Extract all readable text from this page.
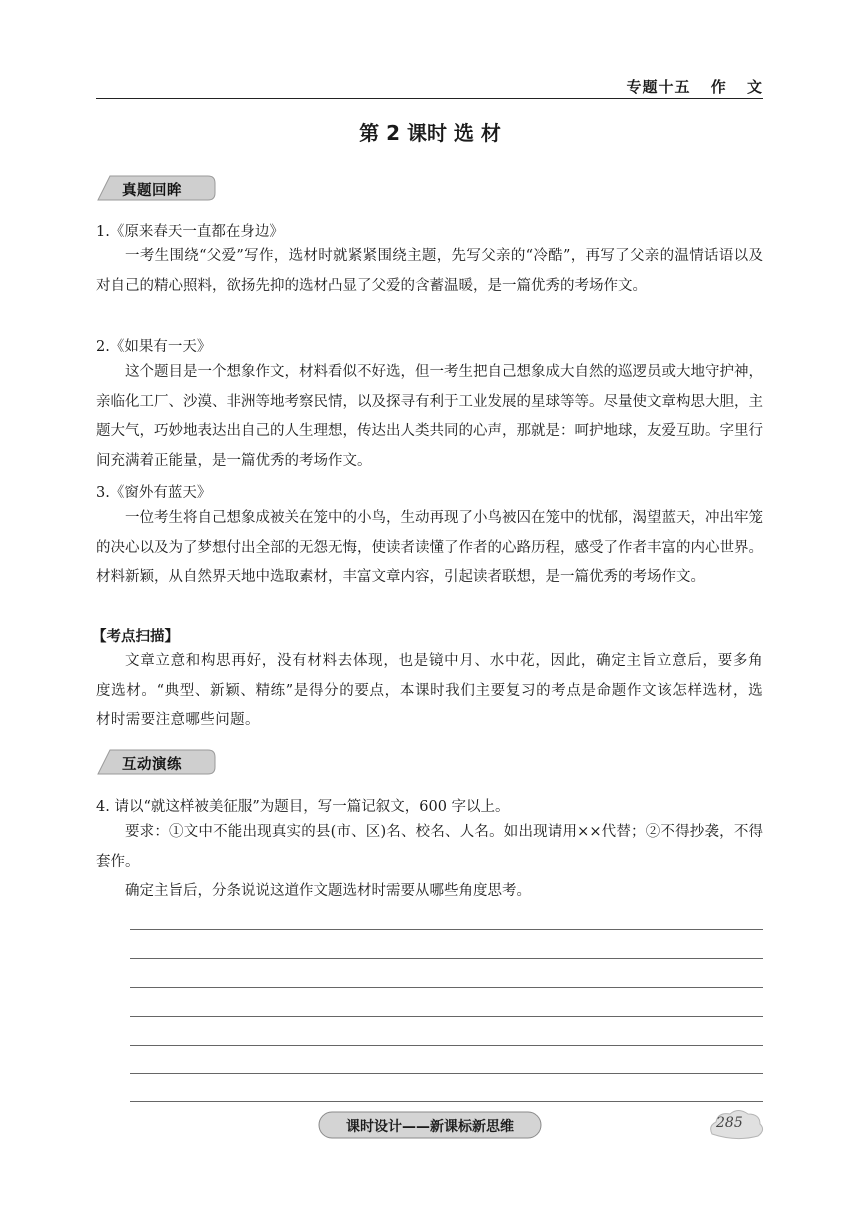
专题十五 作 文
第 2 课时 选 材
真题回眸
1.《原来春天一直都在身边》
一考生围绕“父爱”写作，选材时就紧紧围绕主题，先写父亲的“冷酷”，再写了父亲的温情话语以及对自己的精心照料，欲扬先抑的选材凸显了父爱的含蓄温暖，是一篇优秀的考场作文。
2.《如果有一天》
这个题目是一个想象作文，材料看似不好选，但一考生把自己想象成大自然的巡逻员或大地守护神，亲临化工厂、沙漠、非洲等地考察民情，以及探寻有利于工业发展的星球等等。尽量使文章构思大胆，主题大气，巧妙地表达出自己的人生理想，传达出人类共同的心声，那就是：呵护地球，友爱互助。字里行间充满着正能量，是一篇优秀的考场作文。
3.《窗外有蓝天》
一位考生将自己想象成被关在笼中的小鸟，生动再现了小鸟被囚在笼中的忧郁，渴望蓝天，冲出牢笼的决心以及为了梦想付出全部的无怨无悔，使读者读懂了作者的心路历程，感受了作者丰富的内心世界。材料新颖，从自然界天地中选取素材，丰富文章内容，引起读者联想，是一篇优秀的考场作文。
【考点扫描】
文章立意和构思再好，没有材料去体现，也是镜中月、水中花，因此，确定主旨立意后，要多角度选材。“典型、新颖、精练”是得分的要点，本课时我们主要复习的考点是命题作文该怎样选材，选材时需要注意哪些问题。
互动演练
4. 请以“就这样被美征服”为题目，写一篇记叙文，600 字以上。
要求：①文中不能出现真实的县(市、区)名、校名、人名。如出现请用××代替；②不得抄袭，不得套作。
确定主旨后，分条说说这道作文题选材时需要从哪些角度思考。
课时设计——新课标新思维	285
